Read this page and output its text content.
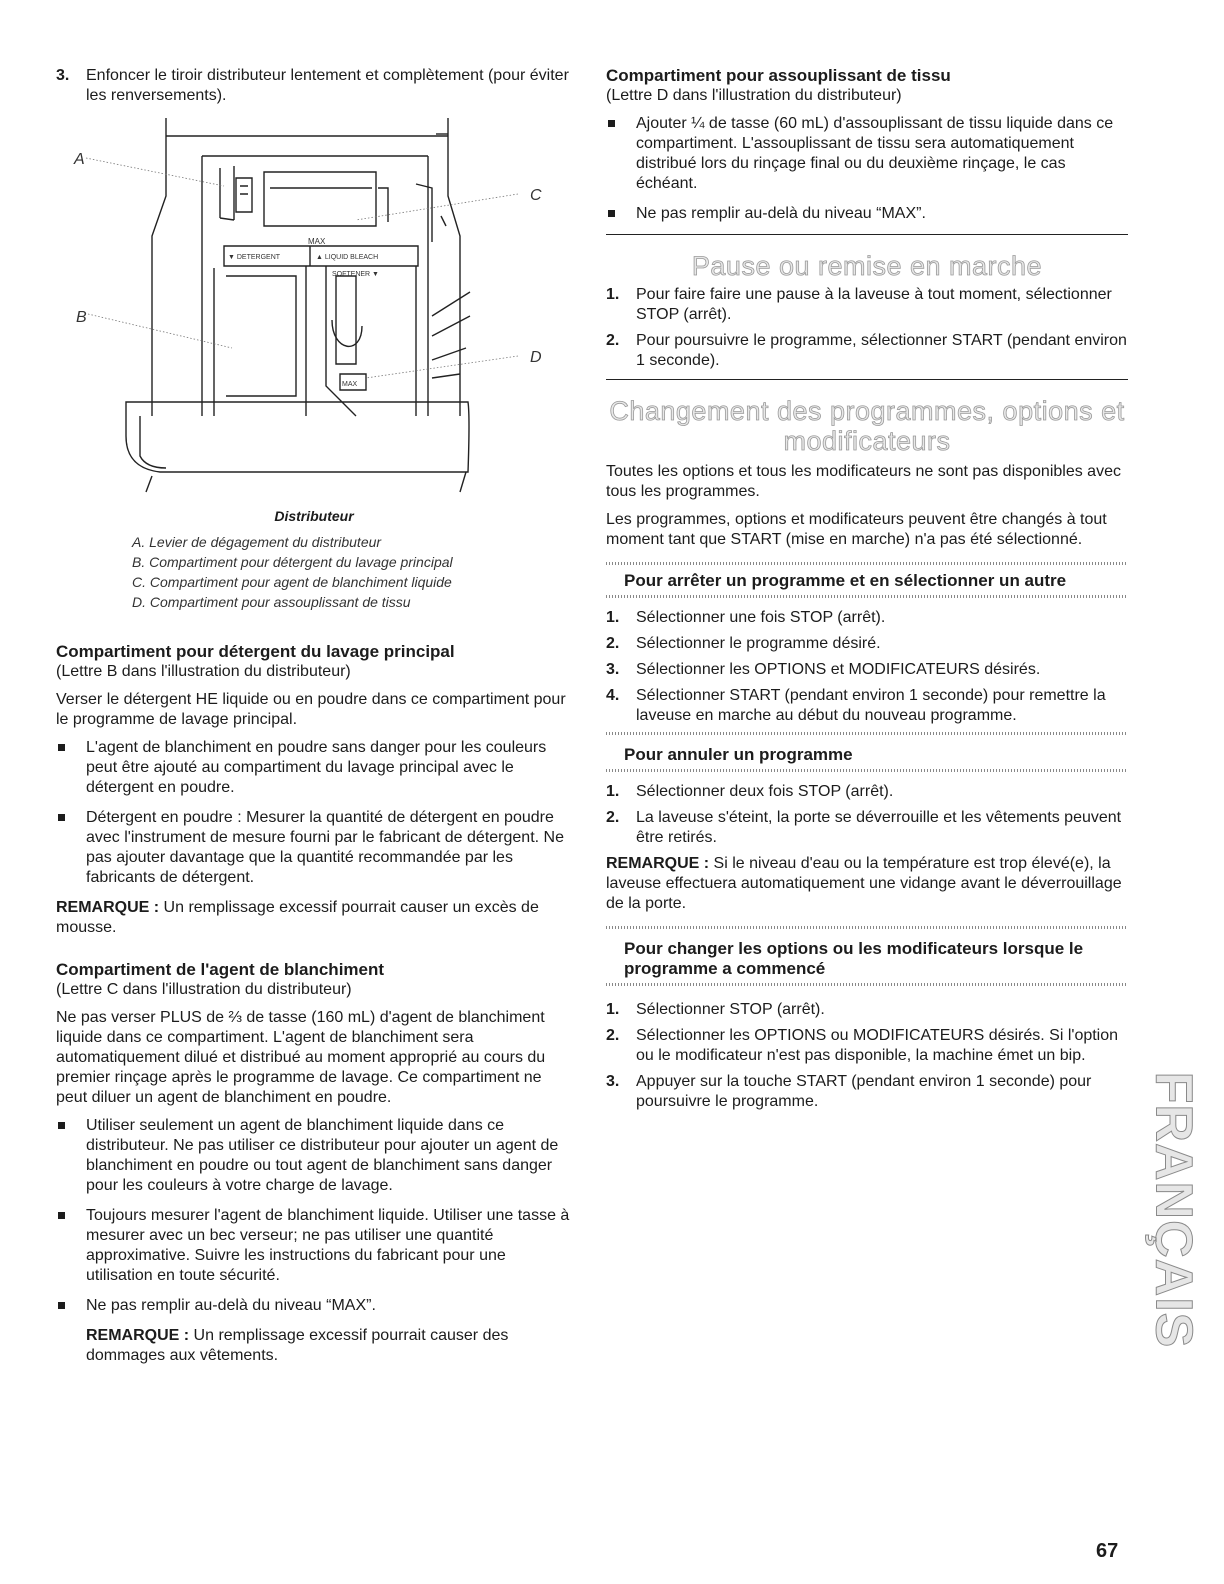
3. Enfoncer le tiroir distributeur lentement et complètement (pour éviter les renversements).
A
B
C
D
MAX
▼ DETERGENT	▲ LIQUID BLEACH
SOFTENER ▼
MAX
Distributeur
A. Levier de dégagement du distributeur
B. Compartiment pour détergent du lavage principal
C. Compartiment pour agent de blanchiment liquide
D. Compartiment pour assouplissant de tissu

Compartiment pour détergent du lavage principal

(Lettre B dans l'illustration du distributeur)

Verser le détergent HE liquide ou en poudre dans ce compartiment pour le programme de lavage principal.

L'agent de blanchiment en poudre sans danger pour les couleurs peut être ajouté au compartiment du lavage principal avec le détergent en poudre.
Détergent en poudre : Mesurer la quantité de détergent en poudre avec l'instrument de mesure fourni par le fabricant de détergent. Ne pas ajouter davantage que la quantité recommandée par les fabricants de détergent.

REMARQUE : Un remplissage excessif pourrait causer un excès de mousse.

Compartiment de l'agent de blanchiment

(Lettre C dans l'illustration du distributeur)

Ne pas verser PLUS de ⅔ de tasse (160 mL) d'agent de blanchiment liquide dans ce compartiment. L'agent de blanchiment sera automatiquement dilué et distribué au moment approprié au cours du premier rinçage après le programme de lavage. Ce compartiment ne peut diluer un agent de blanchiment en poudre.

Utiliser seulement un agent de blanchiment liquide dans ce distributeur. Ne pas utiliser ce distributeur pour ajouter un agent de blanchiment en poudre ou tout agent de blanchiment sans danger pour les couleurs à votre charge de lavage.
Toujours mesurer l'agent de blanchiment liquide. Utiliser une tasse à mesurer avec un bec verseur; ne pas utiliser une quantité approximative. Suivre les instructions du fabricant pour une utilisation en toute sécurité.
Ne pas remplir au-delà du niveau “MAX”.

REMARQUE : Un remplissage excessif pourrait causer des dommages aux vêtements.

Compartiment pour assouplissant de tissu

(Lettre D dans l'illustration du distributeur)

Ajouter ¼ de tasse (60 mL) d'assouplissant de tissu liquide dans ce compartiment. L'assouplissant de tissu sera automatiquement distribué lors du rinçage final ou du deuxième rinçage, le cas échéant.
Ne pas remplir au-delà du niveau “MAX”.

Pause ou remise en marche

1. Pour faire faire une pause à la laveuse à tout moment, sélectionner STOP (arrêt).
2. Pour poursuivre le programme, sélectionner START (pendant environ 1 seconde).

Changement des programmes, options et

modificateurs

Toutes les options et tous les modificateurs ne sont pas disponibles avec tous les programmes.

Les programmes, options et modificateurs peuvent être changés à tout moment tant que START (mise en marche) n'a pas été sélectionné.

Pour arrêter un programme et en sélectionner un autre

1. Sélectionner une fois STOP (arrêt).
2. Sélectionner le programme désiré.
3. Sélectionner les OPTIONS et MODIFICATEURS désirés.
4. Sélectionner START (pendant environ 1 seconde) pour remettre la laveuse en marche au début du nouveau programme.

Pour annuler un programme

1. Sélectionner deux fois STOP (arrêt).
2. La laveuse s'éteint, la porte se déverrouille et les vêtements peuvent être retirés.

REMARQUE : Si le niveau d'eau ou la température est trop élevé(e), la laveuse effectuera automatiquement une vidange avant le déverrouillage de la porte.

Pour changer les options ou les modificateurs lorsque le programme a commencé

1. Sélectionner STOP (arrêt).
2. Sélectionner les OPTIONS ou MODIFICATEURS désirés. Si l'option ou le modificateur n'est pas disponible, la machine émet un bip.
3. Appuyer sur la touche START (pendant environ 1 seconde) pour poursuivre le programme.	FRANÇAIS
67
